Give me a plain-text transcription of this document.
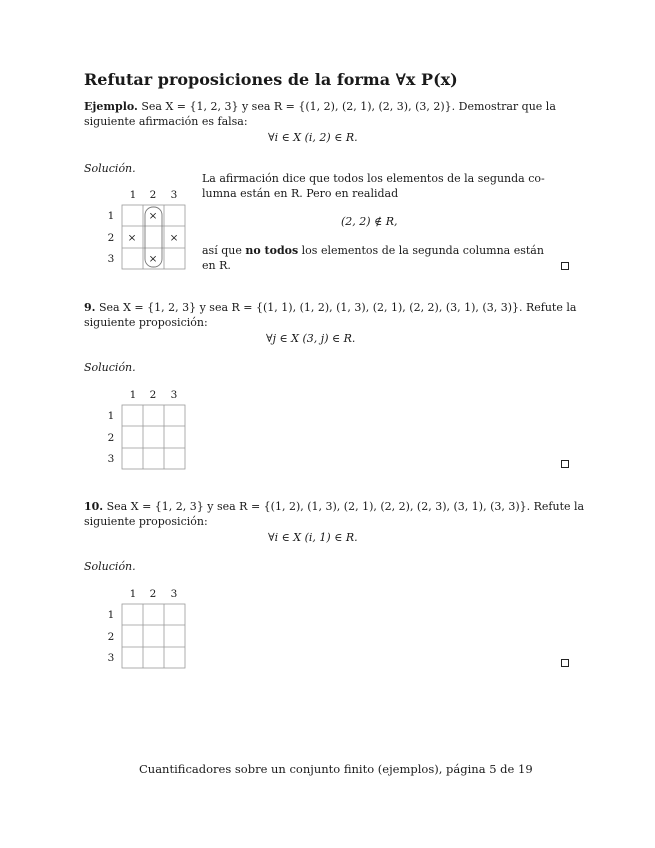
Refutar proposiciones de la forma ∀x P(x)
Ejemplo. Sea X = {1, 2, 3} y sea R = {(1, 2), (2, 1), (2, 3), (3, 2)}. Demostrar que la
siguiente afirmación es falsa:
∀i ∈ X (i, 2) ∈ R.
Solución.
1 2 3
1
2
3
×
×	×
×
La afirmación dice que todos los elementos de la segunda co-
lumna están en R. Pero en realidad
(2, 2) ∉ R,
así que no todos los elementos de la segunda columna están
en R.
9. Sea X = {1, 2, 3} y sea R = {(1, 1), (1, 2), (1, 3), (2, 1), (2, 2), (3, 1), (3, 3)}. Refute la
siguiente proposición:
∀j ∈ X (3, j) ∈ R.
Solución.
1 2 3
1
2
3
10. Sea X = {1, 2, 3} y sea R = {(1, 2), (1, 3), (2, 1), (2, 2), (2, 3), (3, 1), (3, 3)}. Refute la
siguiente proposición:
∀i ∈ X (i, 1) ∈ R.
Solución.
1 2 3
1
2
3
Cuantificadores sobre un conjunto finito (ejemplos), página 5 de 19
